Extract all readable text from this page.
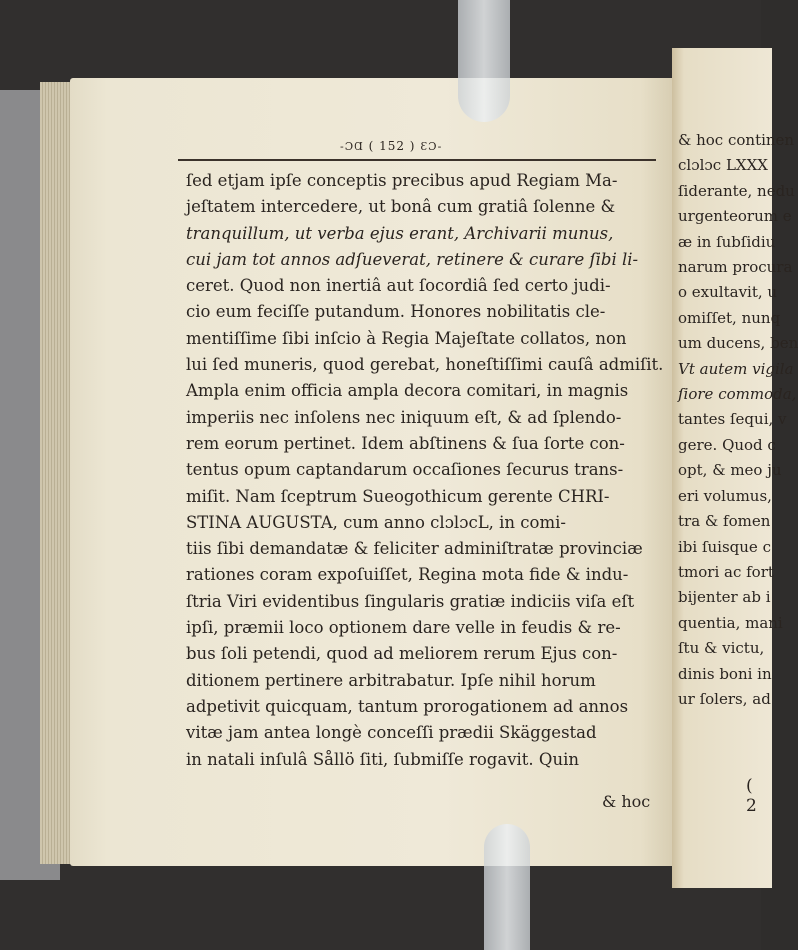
-ƆⱭ ( 152 ) ƐƆ-
ſed etjam ipſe conceptis precibus apud Regiam Ma-
jeſtatem intercedere, ut bonâ cum gratiâ ſolenne &
tranquillum, ut verba ejus erant, Archivarii munus,
cui jam tot annos adſueverat, retinere & curare ſibi li-
ceret. Quod non inertiâ aut ſocordiâ ſed certo judi-
cio eum feciſſe putandum. Honores nobilitatis cle-
mentiſſime ſibi inſcio à Regia Majeſtate collatos, non
lui ſed muneris, quod gerebat, honeſtiſſimi cauſâ admiſit.
Ampla enim officia ampla decora comitari, in magnis
imperiis nec inſolens nec iniquum eſt, & ad ſplendo-
rem eorum pertinet. Idem abſtinens & ſua ſorte con-
tentus opum captandarum occaſiones ſecurus trans-
miſit. Nam ſceptrum Sueogothicum gerente CHRI-
STINA AUGUSTA, cum anno clɔlɔcL, in comi-
tiis ſibi demandatæ & feliciter adminiſtratæ provinciæ
rationes coram expoſuiſſet, Regina mota fide & indu-
ſtria Viri evidentibus ſingularis gratiæ indiciis viſa eſt
ipſi, præmii loco optionem dare velle in feudis & re-
bus ſoli petendi, quod ad meliorem rerum Ejus con-
ditionem pertinere arbitrabatur. Ipſe nihil horum
adpetivit quicquam, tantum prorogationem ad annos
vitæ jam antea longè conceſſi prædii Skäggestad
in natali inſulâ Sållö ſiti, ſubmiſſe rogavit. Quin
& hoc
& hoc continen
clɔlɔc LXXX
ſiderante, nedu
urgenteorum e
æ in ſubſidiu
narum procura
o exultavit, u
omiſſet, nunq
um ducens, ben
Vt autem vigila
ſiore commoda,
tantes ſequi, v
gere. Quod c
opt, & meo ju
eri volumus,
tra & fomen
ibi ſuisque c
tmori ac fort
bijenter ab i
quentia, mani
ſtu & victu,
dinis boni in
ur ſolers, ad
( 2
